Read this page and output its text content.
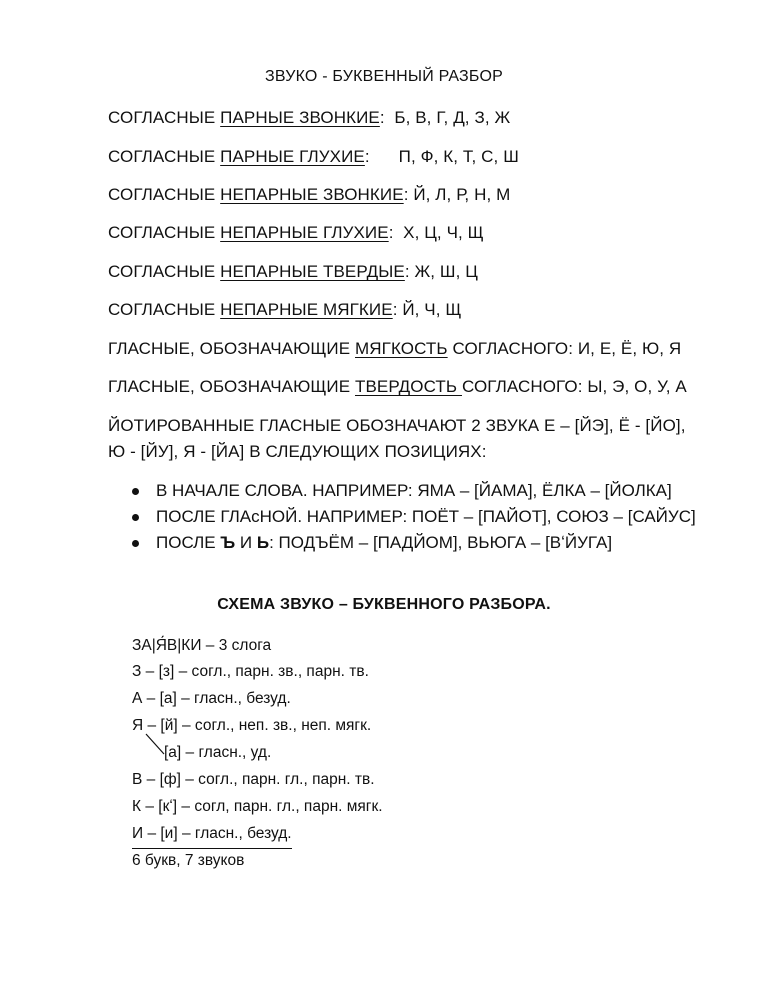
ЗВУКО - БУКВЕННЫЙ РАЗБОР
СОГЛАСНЫЕ ПАРНЫЕ ЗВОНКИЕ:  Б, В, Г, Д, З, Ж
СОГЛАСНЫЕ ПАРНЫЕ ГЛУХИЕ:      П, Ф, К, Т, С, Ш
СОГЛАСНЫЕ НЕПАРНЫЕ ЗВОНКИЕ: Й, Л, Р, Н, М
СОГЛАСНЫЕ НЕПАРНЫЕ ГЛУХИЕ:  Х, Ц, Ч, Щ
СОГЛАСНЫЕ НЕПАРНЫЕ ТВЕРДЫЕ: Ж, Ш, Ц
СОГЛАСНЫЕ НЕПАРНЫЕ МЯГКИЕ: Й, Ч, Щ
ГЛАСНЫЕ, ОБОЗНАЧАЮЩИЕ МЯГКОСТЬ СОГЛАСНОГО: И, Е, Ё, Ю, Я
ГЛАСНЫЕ, ОБОЗНАЧАЮЩИЕ ТВЕРДОСТЬ СОГЛАСНОГО: Ы, Э, О, У, А
ЙОТИРОВАННЫЕ ГЛАСНЫЕ ОБОЗНАЧАЮТ 2 ЗВУКА Е – [ЙЭ], Ё - [ЙО],
Ю - [ЙУ], Я - [ЙА] В СЛЕДУЮЩИХ ПОЗИЦИЯХ:
В НАЧАЛЕ СЛОВА. НАПРИМЕР: ЯМА – [ЙАМА], ЁЛКА – [ЙОЛКА]
ПОСЛЕ ГЛАсНОЙ. НАПРИМЕР: ПОЁТ – [ПАЙОТ], СОЮЗ – [САЙУС]
ПОСЛЕ Ъ И Ь: ПОДЪЁМ – [ПАДЙОМ], ВЬЮГА – [ВʻЙУГА]
СХЕМА ЗВУКО – БУКВЕННОГО РАЗБОРА.
ЗА|Я́В|КИ – 3 слога
З – [з] – согл., парн. зв., парн. тв.
А – [а] – гласн., безуд.
Я – [й] – согл., неп. зв., неп. мягк.
[а] – гласн., уд.
В – [ф] – согл., парн. гл., парн. тв.
К – [кʻ] – согл, парн. гл., парн. мягк.
И – [и] – гласн., безуд.
6 букв, 7 звуков
